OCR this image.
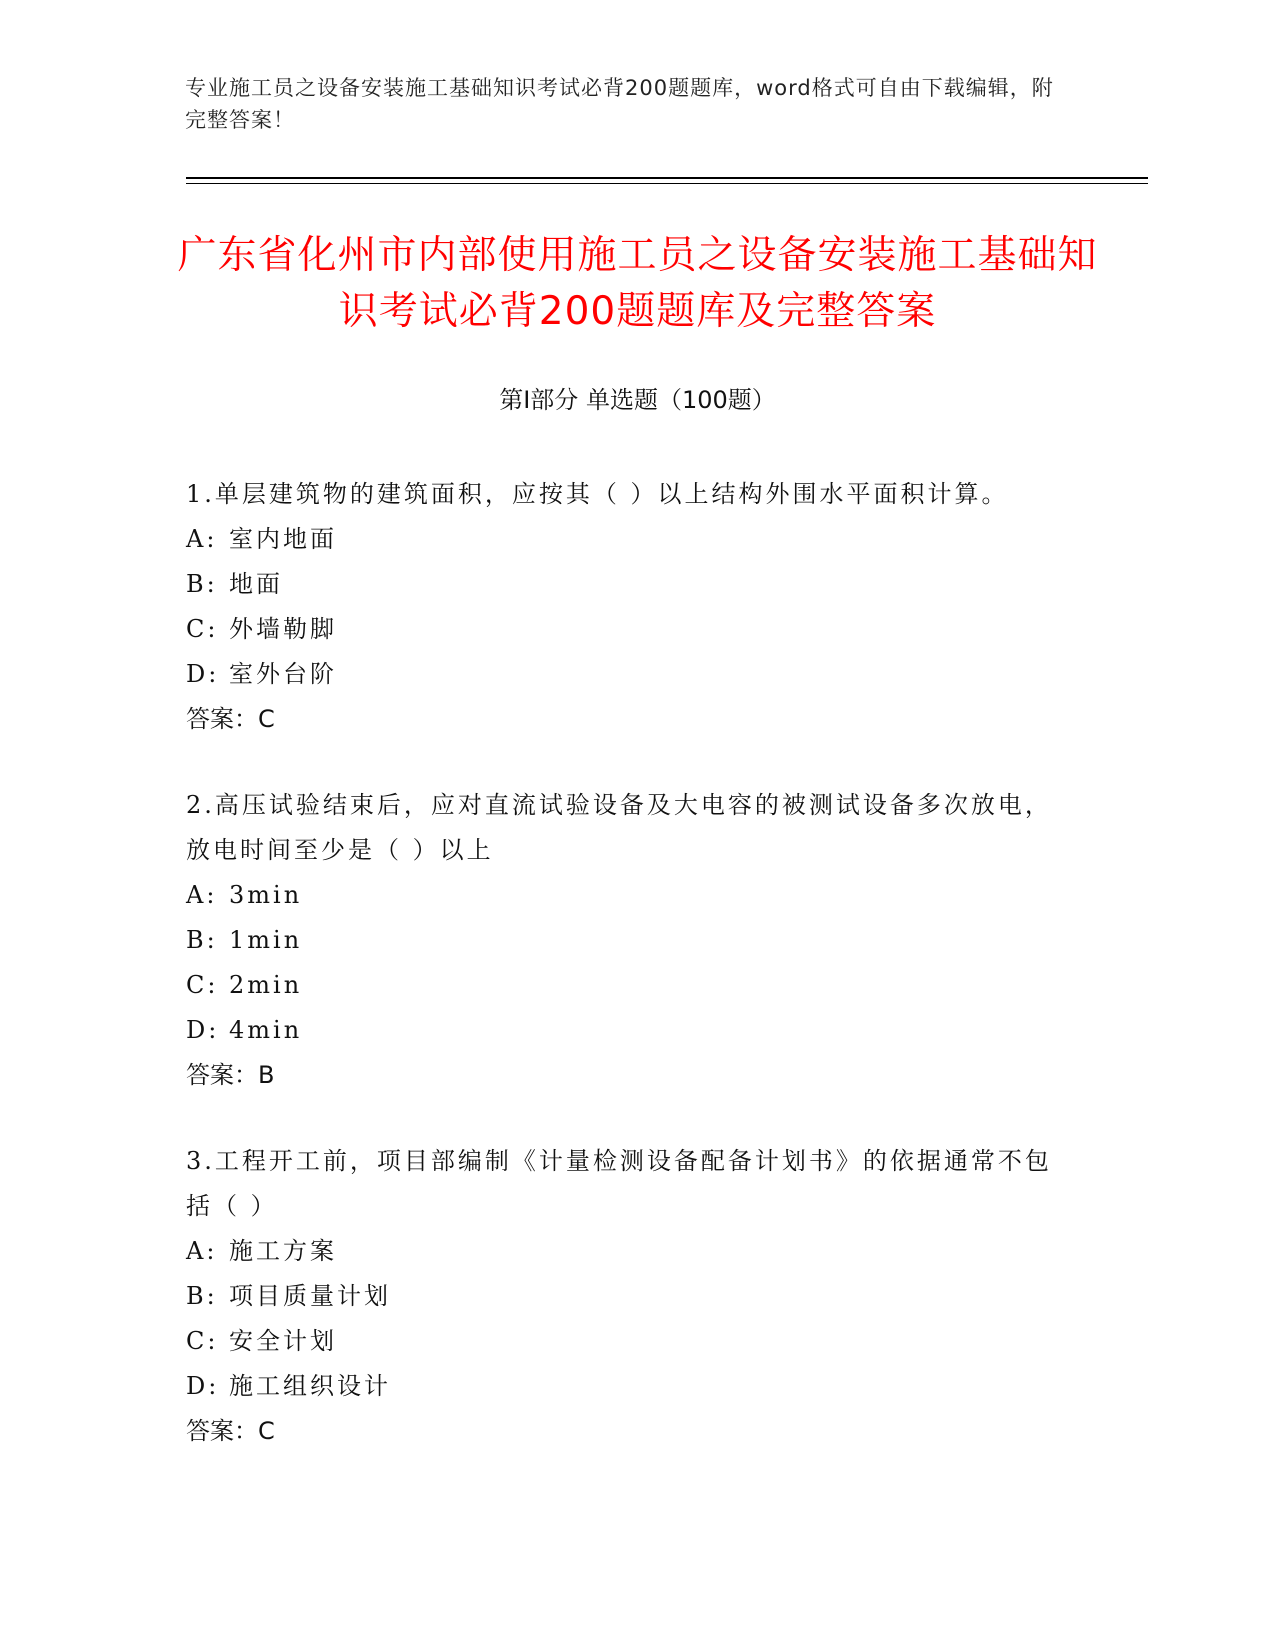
专业施工员之设备安装施工基础知识考试必背200题题库，word格式可自由下载编辑，附完整答案！
广东省化州市内部使用施工员之设备安装施工基础知识考试必背200题题库及完整答案
第Ⅰ部分 单选题（100题）
1.单层建筑物的建筑面积，应按其（ ）以上结构外围水平面积计算。
A: 室内地面
B: 地面
C: 外墙勒脚
D: 室外台阶
答案：C
2.高压试验结束后，应对直流试验设备及大电容的被测试设备多次放电，放电时间至少是（ ）以上
A: 3min
B: 1min
C: 2min
D: 4min
答案：B
3.工程开工前，项目部编制《计量检测设备配备计划书》的依据通常不包括（ ）
A: 施工方案
B: 项目质量计划
C: 安全计划
D: 施工组织设计
答案：C
